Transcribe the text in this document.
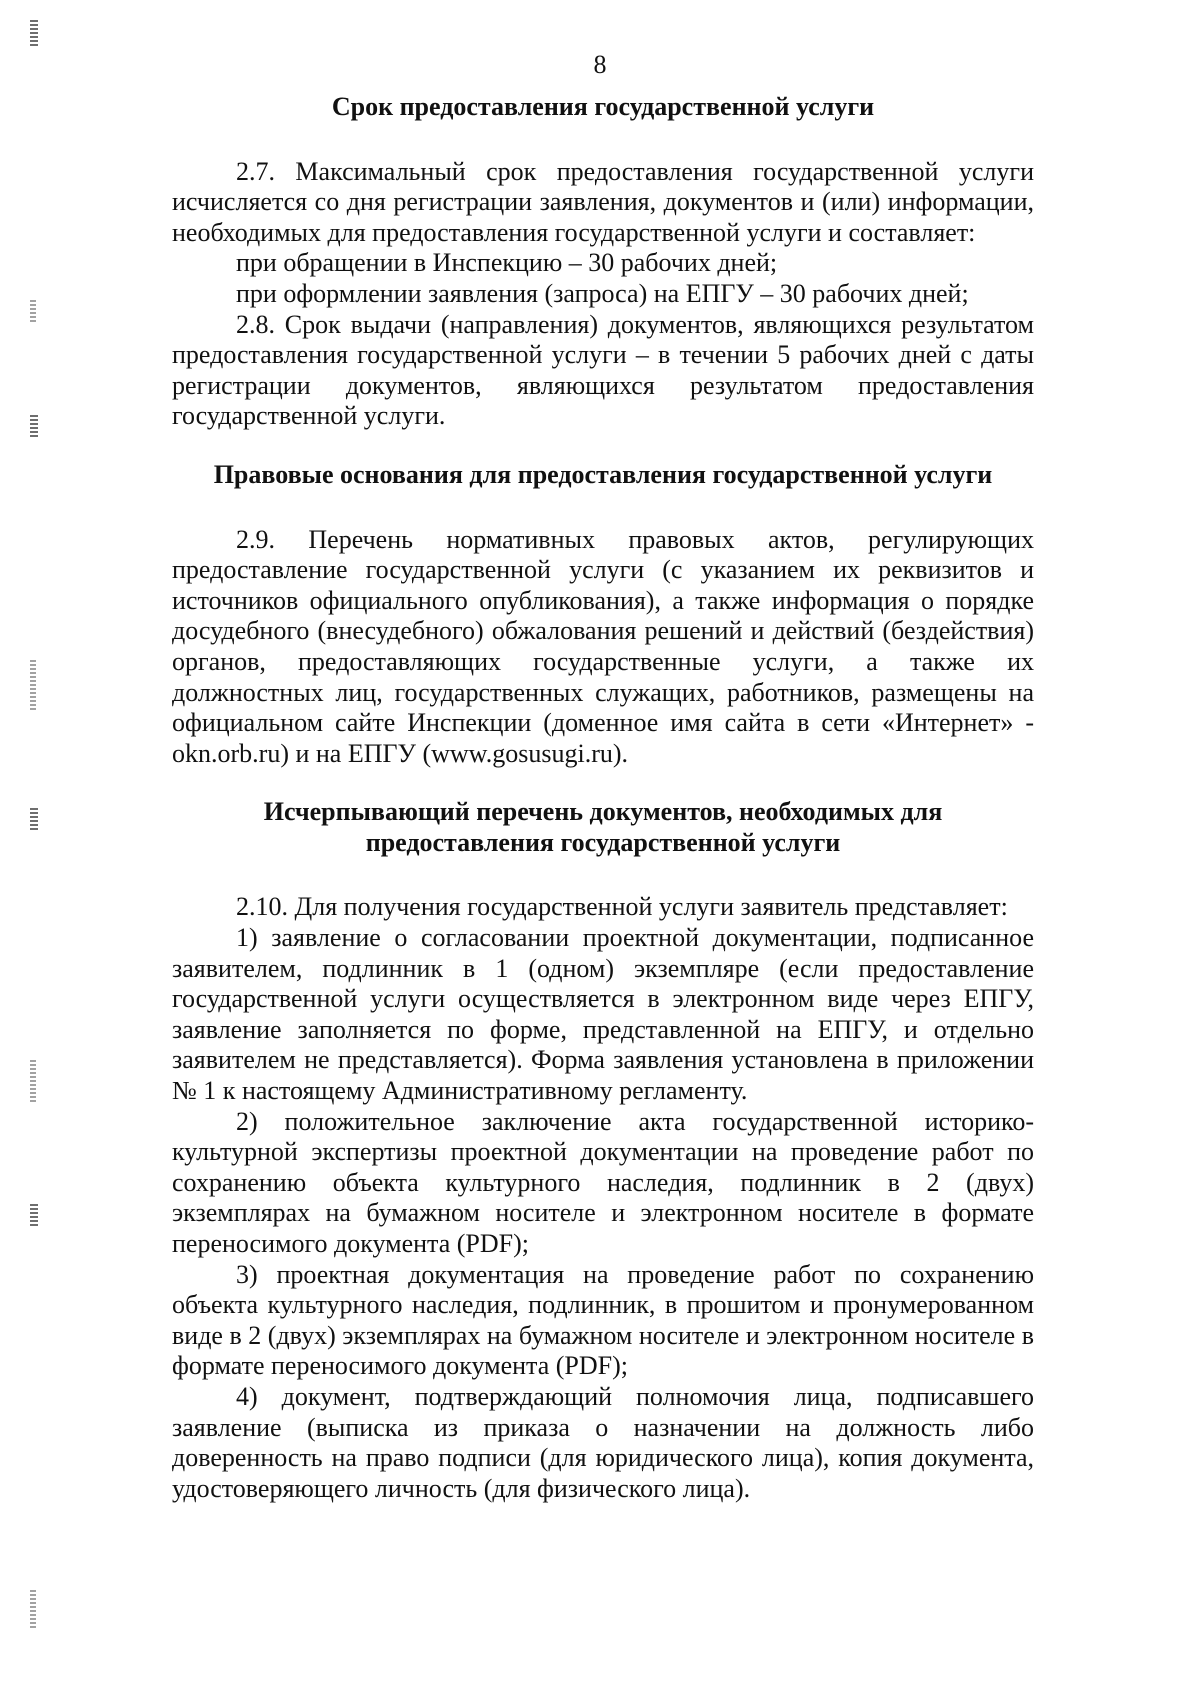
8
Срок предоставления государственной услуги

2.7. Максимальный срок предоставления государственной услуги исчисляется со дня регистрации заявления, документов и (или) информации, необходимых для предоставления государственной услуги и составляет:

при обращении в Инспекцию – 30 рабочих дней;

при оформлении заявления (запроса) на ЕПГУ – 30 рабочих дней;

2.8. Срок выдачи (направления) документов, являющихся результатом предоставления государственной услуги – в течении 5 рабочих дней с даты регистрации документов, являющихся результатом предоставления государственной услуги.

Правовые основания для предоставления государственной услуги

2.9. Перечень нормативных правовых актов, регулирующих предоставление государственной услуги (с указанием их реквизитов и источников официального опубликования), а также информация о порядке досудебного (внесудебного) обжалования решений и действий (бездействия) органов, предоставляющих государственные услуги, а также их должностных лиц, государственных служащих, работников, размещены на официальном сайте Инспекции (доменное имя сайта в сети «Интернет» - okn.orb.ru) и на ЕПГУ (www.gosusugi.ru).

Исчерпывающий перечень документов, необходимых для предоставления государственной услуги

2.10. Для получения государственной услуги заявитель представляет:

1) заявление о согласовании проектной документации, подписанное заявителем, подлинник в 1 (одном) экземпляре (если предоставление государственной услуги осуществляется в электронном виде через ЕПГУ, заявление заполняется по форме, представленной на ЕПГУ, и отдельно заявителем не представляется). Форма заявления установлена в приложении № 1 к настоящему Административному регламенту.

2) положительное заключение акта государственной историко-культурной экспертизы проектной документации на проведение работ по сохранению объекта культурного наследия, подлинник в 2 (двух) экземплярах на бумажном носителе и электронном носителе в формате переносимого документа (PDF);

3) проектная документация на проведение работ по сохранению объекта культурного наследия, подлинник, в прошитом и пронумерованном виде в 2 (двух) экземплярах на бумажном носителе и электронном носителе в формате переносимого документа (PDF);

4) документ, подтверждающий полномочия лица, подписавшего заявление (выписка из приказа о назначении на должность либо доверенность на право подписи (для юридического лица), копия документа, удостоверяющего личность (для физического лица).
